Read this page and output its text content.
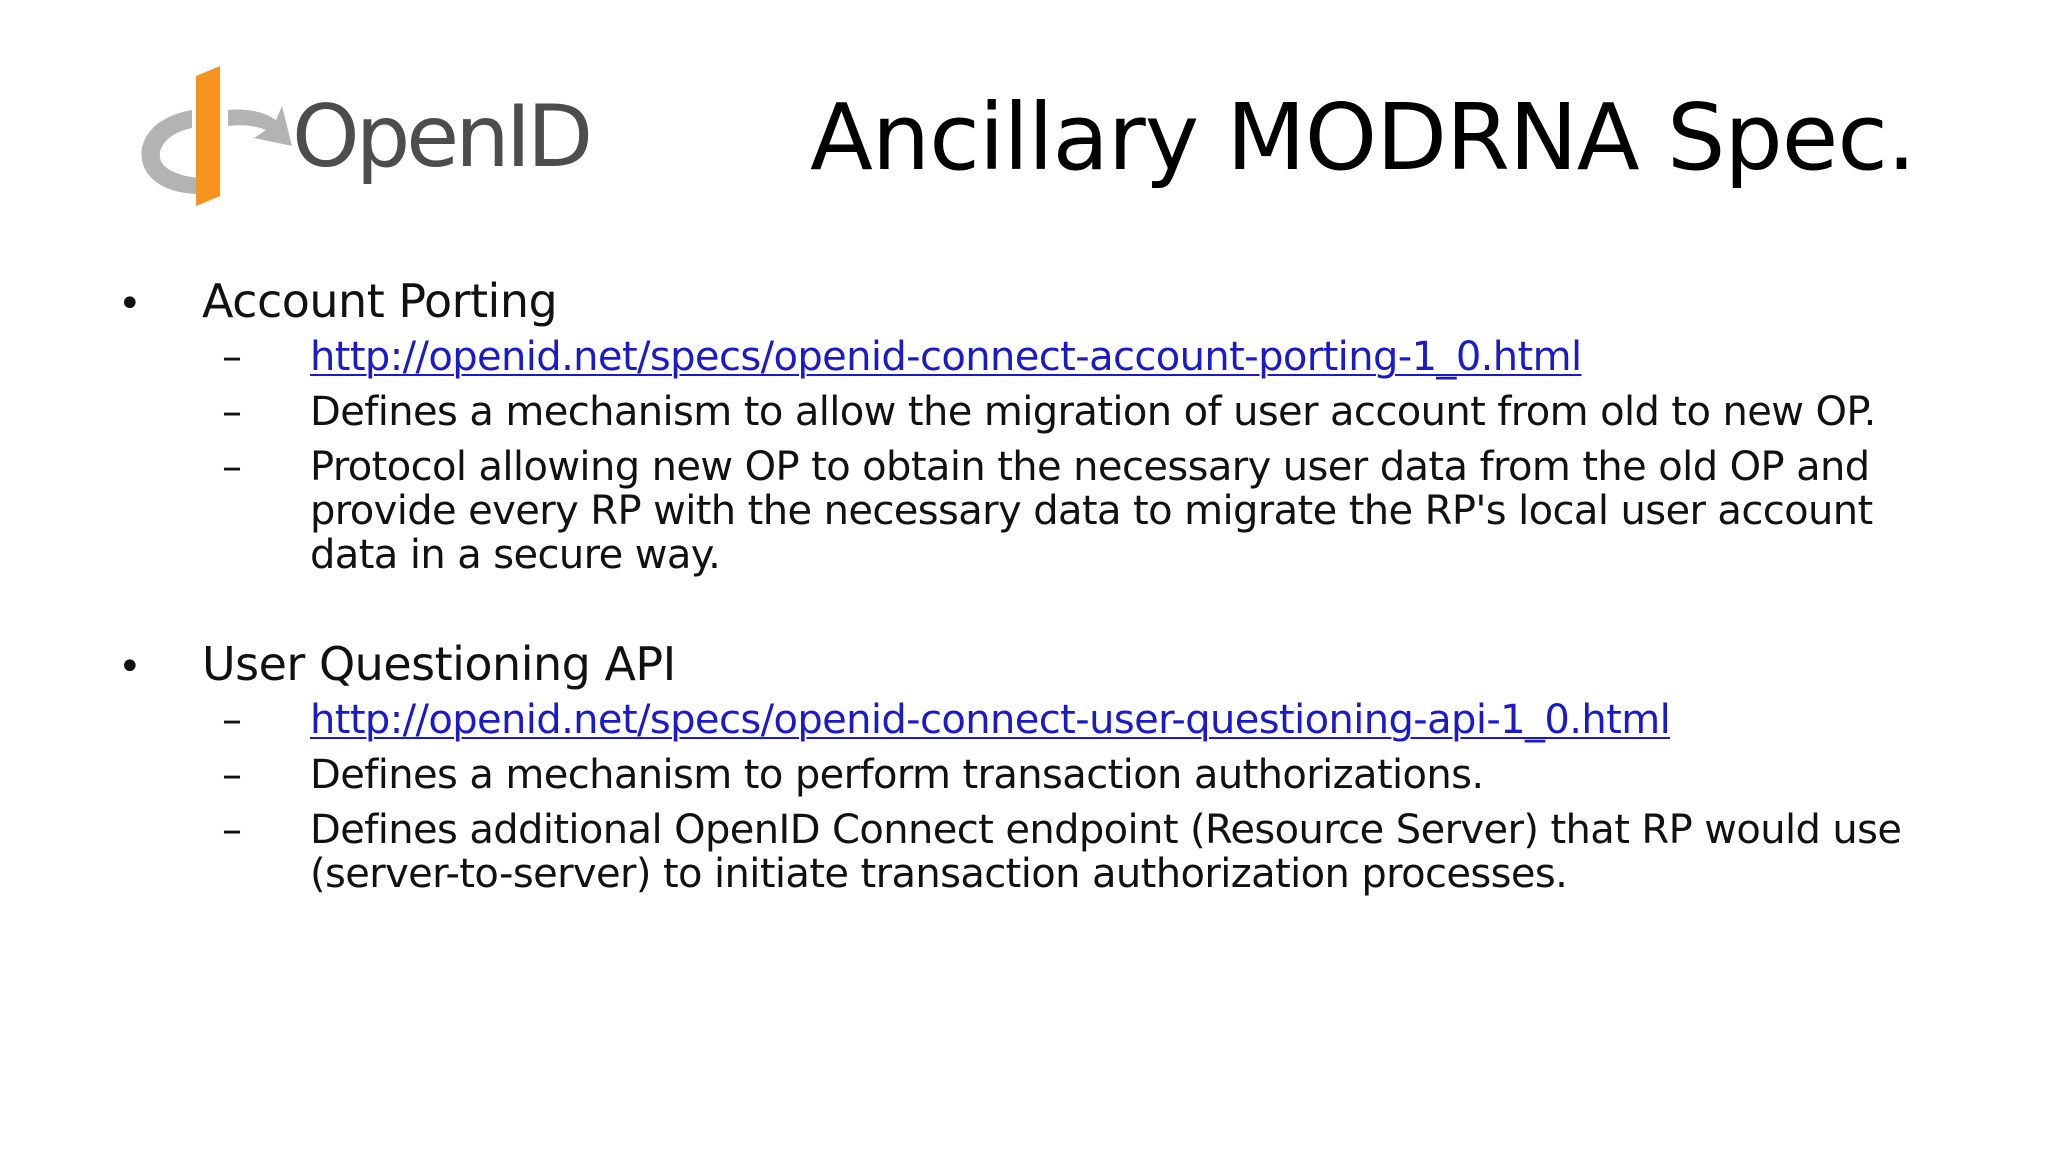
OpenID Ancillary MODRNA Spec.
•	Account Porting
–	http://openid.net/specs/openid-connect-account-porting-1_0.html
–	Defines a mechanism to allow the migration of user account from old to new OP.
–	Protocol allowing new OP to obtain the necessary user data from the old OP and provide every RP with the necessary data to migrate the RP's local user account data in a secure way.
•	User Questioning API
–	http://openid.net/specs/openid-connect-user-questioning-api-1_0.html
–	Defines a mechanism to perform transaction authorizations.
–	Defines additional OpenID Connect endpoint (Resource Server) that RP would use (server-to-server) to initiate transaction authorization processes.
